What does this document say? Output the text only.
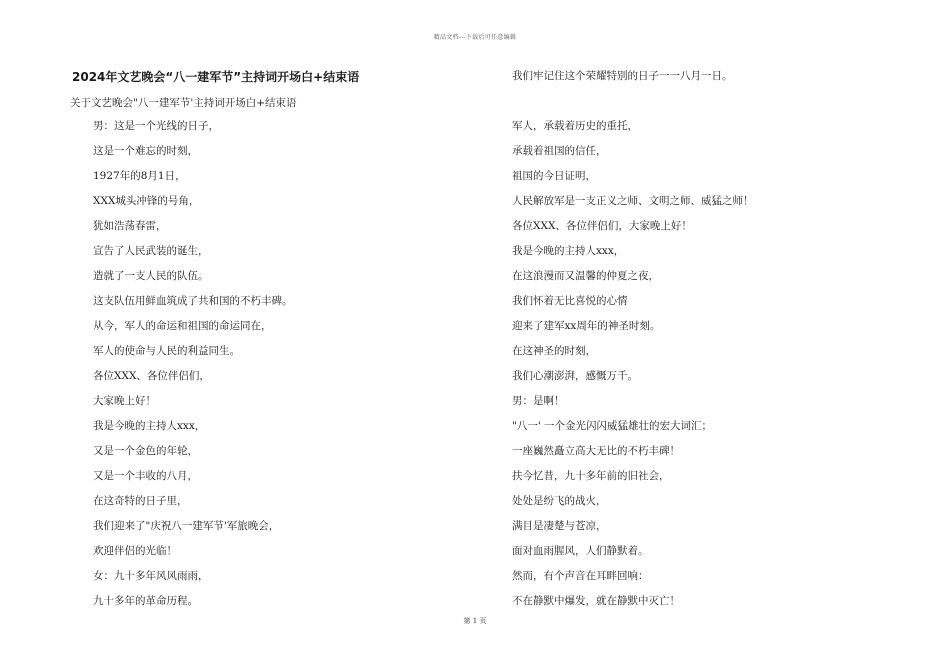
精品文档---下载后可任意编辑
2024年文艺晚会“八一建军节”主持词开场白+结束语
关于文艺晚会"八一建军节'主持词开场白+结束语
男：这是一个光线的日子，
这是一个难忘的时刻，
1927年的8月1日，
XXX城头冲锋的号角，
犹如浩荡春雷，
宣告了人民武装的诞生，
造就了一支人民的队伍。
这支队伍用鲜血筑成了共和国的不朽丰碑。
从今，军人的命运和祖国的命运同在，
军人的使命与人民的利益同生。
各位XXX、各位伴侣们，
大家晚上好！
我是今晚的主持人xxx，
又是一个金色的年轮，
又是一个丰收的八月，
在这奇特的日子里，
我们迎来了"庆祝八一建军节'军旅晚会，
欢迎伴侣的光临！
女：九十多年风风雨雨，
九十多年的革命历程。
我们牢记住这个荣耀特别的日子一一八月一日。
军人，承载着历史的重托，
承载着祖国的信任，
祖国的今日证明，
人民解放军是一支正义之师、文明之师、威猛之师！
各位XXX、各位伴侣们，大家晚上好！
我是今晚的主持人xxx，
在这浪漫而又温馨的仲夏之夜，
我们怀着无比喜悦的心情
迎来了建军xx周年的神圣时刻。
在这神圣的时刻，
我们心潮澎湃，感慨万千。
男：是啊！
"八一' 一个金光闪闪威猛雄壮的宏大词汇；
一座巍然矗立高大无比的不朽丰碑！
扶今忆昔，九十多年前的旧社会，
处处是纷飞的战火，
满目是凄楚与苍凉，
面对血雨腥风，人们静默着。
然而，有个声音在耳畔回响：
不在静默中爆发，就在静默中灭亡！
第 1 页
